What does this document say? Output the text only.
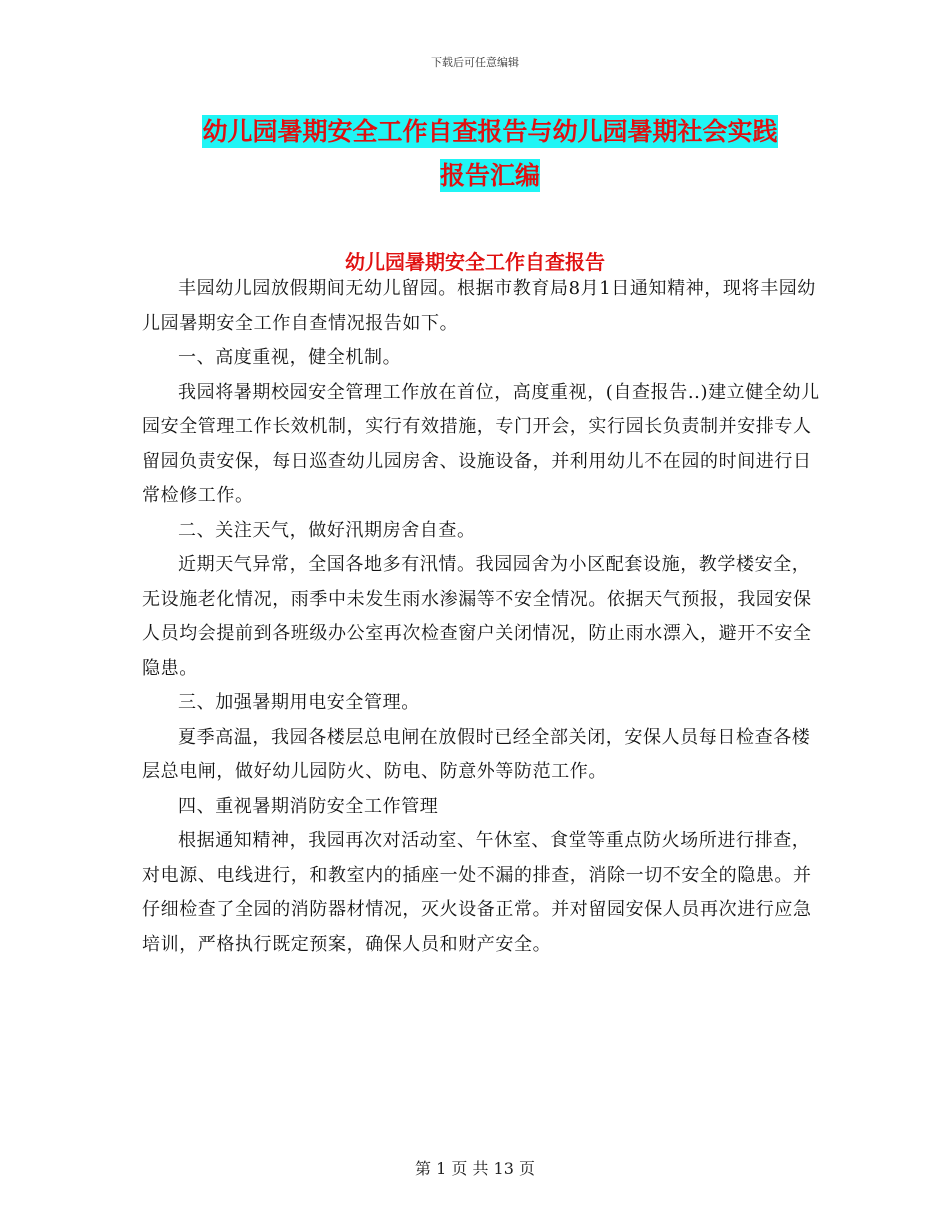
下载后可任意编辑
幼儿园暑期安全工作自查报告与幼儿园暑期社会实践
报告汇编
幼儿园暑期安全工作自查报告

丰园幼儿园放假期间无幼儿留园。根据市教育局8月1日通知精神，现将丰园幼儿园暑期安全工作自查情况报告如下。

一、高度重视，健全机制。

我园将暑期校园安全管理工作放在首位，高度重视，(自查报告..)建立健全幼儿园安全管理工作长效机制，实行有效措施，专门开会，实行园长负责制并安排专人留园负责安保，每日巡查幼儿园房舍、设施设备，并利用幼儿不在园的时间进行日常检修工作。

二、关注天气，做好汛期房舍自查。

近期天气异常，全国各地多有汛情。我园园舍为小区配套设施，教学楼安全，无设施老化情况，雨季中未发生雨水渗漏等不安全情况。依据天气预报，我园安保人员均会提前到各班级办公室再次检查窗户关闭情况，防止雨水漂入，避开不安全隐患。

三、加强暑期用电安全管理。

夏季高温，我园各楼层总电闸在放假时已经全部关闭，安保人员每日检查各楼层总电闸，做好幼儿园防火、防电、防意外等防范工作。

四、重视暑期消防安全工作管理

根据通知精神，我园再次对活动室、午休室、食堂等重点防火场所进行排查，对电源、电线进行，和教室内的插座一处不漏的排查，消除一切不安全的隐患。并仔细检查了全园的消防器材情况，灭火设备正常。并对留园安保人员再次进行应急培训，严格执行既定预案，确保人员和财产安全。

第 1 页 共 13 页
